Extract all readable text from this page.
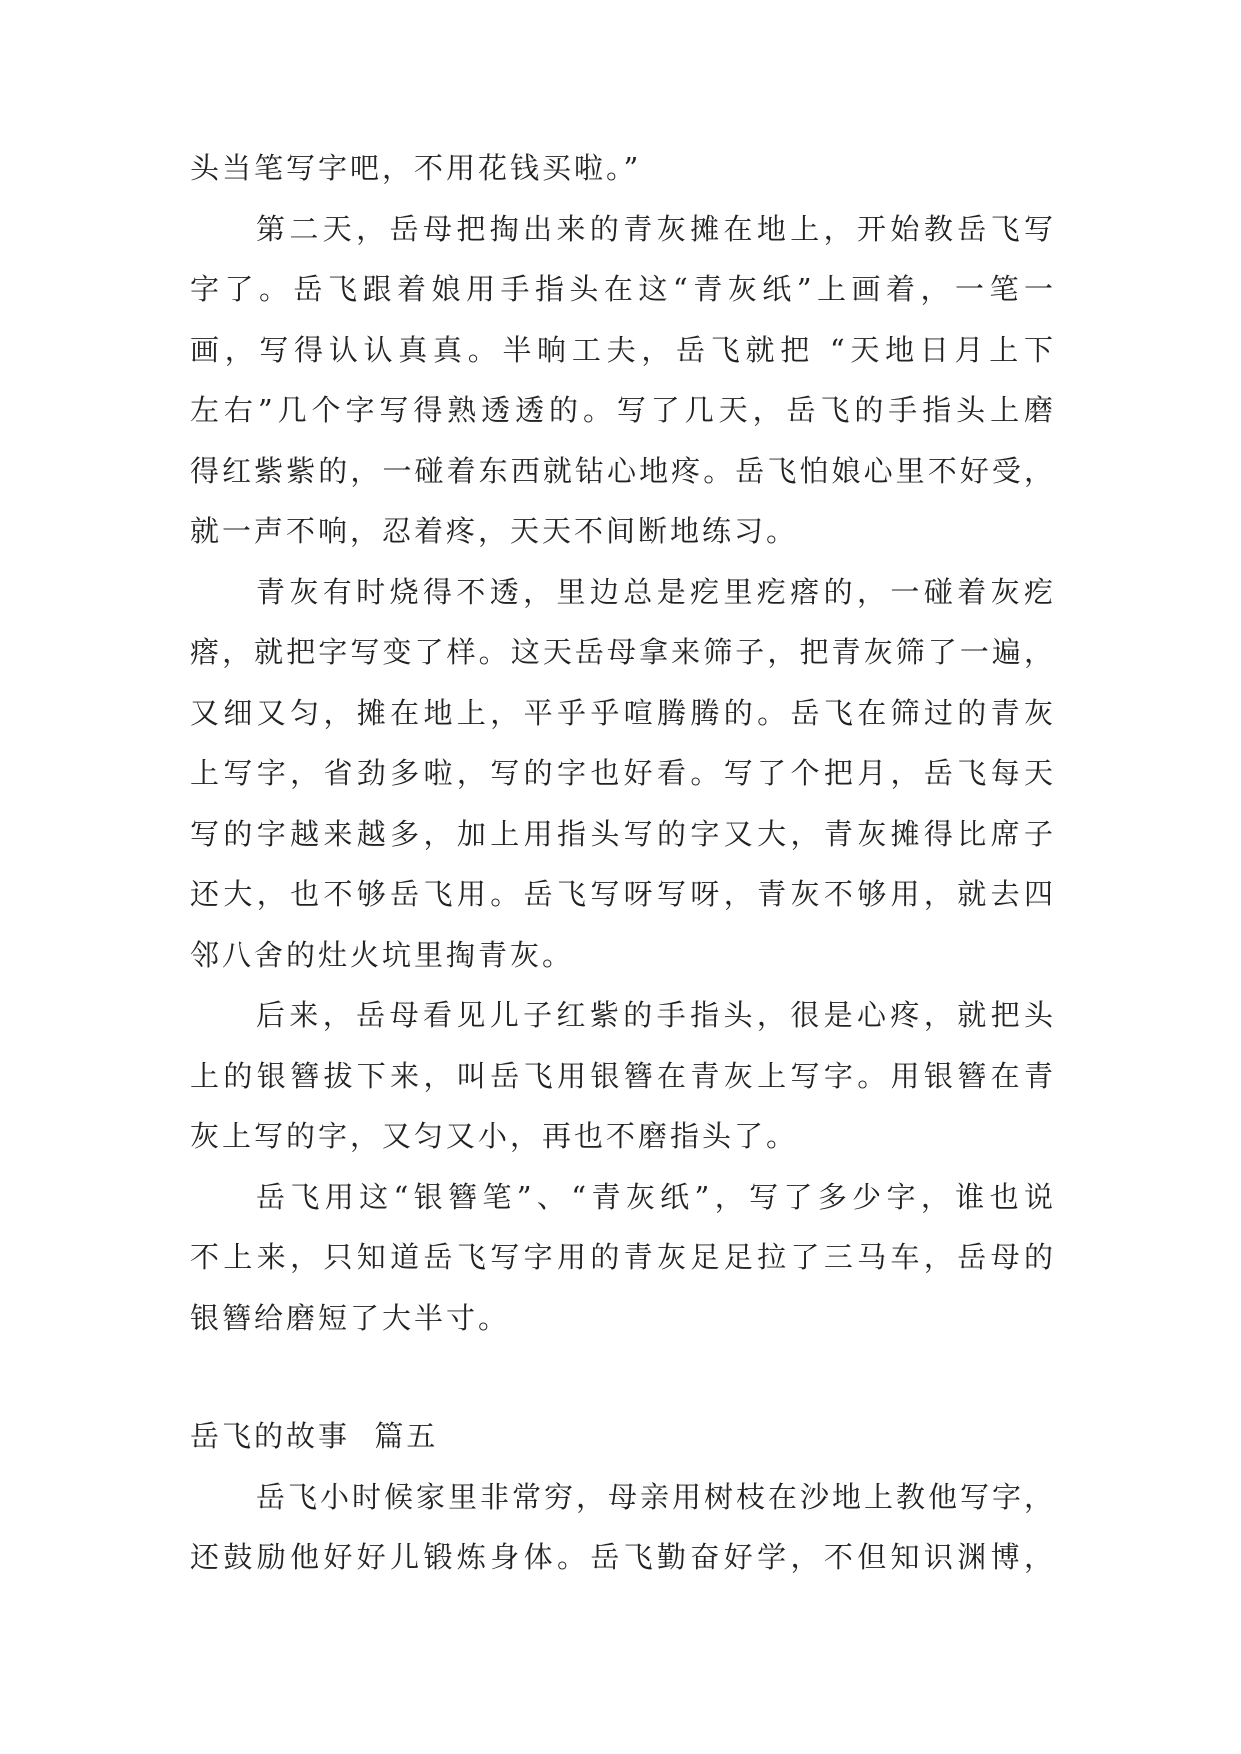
头当笔写字吧，不用花钱买啦。”
第二天，岳母把掏出来的青灰摊在地上，开始教岳飞写
字了。岳飞跟着娘用手指头在这“青灰纸”上画着，一笔一
画，写得认认真真。半晌工夫，岳飞就把 “天地日月上下
左右”几个字写得熟透透的。写了几天，岳飞的手指头上磨
得红紫紫的，一碰着东西就钻心地疼。岳飞怕娘心里不好受，
就一声不响，忍着疼，天天不间断地练习。
青灰有时烧得不透，里边总是疙里疙瘩的，一碰着灰疙
瘩，就把字写变了样。这天岳母拿来筛子，把青灰筛了一遍，
又细又匀，摊在地上，平乎乎喧腾腾的。岳飞在筛过的青灰
上写字，省劲多啦，写的字也好看。写了个把月，岳飞每天
写的字越来越多，加上用指头写的字又大，青灰摊得比席子
还大，也不够岳飞用。岳飞写呀写呀，青灰不够用，就去四
邻八舍的灶火坑里掏青灰。
后来，岳母看见儿子红紫的手指头，很是心疼，就把头
上的银簪拔下来，叫岳飞用银簪在青灰上写字。用银簪在青
灰上写的字，又匀又小，再也不磨指头了。
岳飞用这“银簪笔”、“青灰纸”，写了多少字，谁也说
不上来，只知道岳飞写字用的青灰足足拉了三马车，岳母的
银簪给磨短了大半寸。
岳飞的故事  篇五
岳飞小时候家里非常穷，母亲用树枝在沙地上教他写字，
还鼓励他好好儿锻炼身体。岳飞勤奋好学，不但知识渊博，
